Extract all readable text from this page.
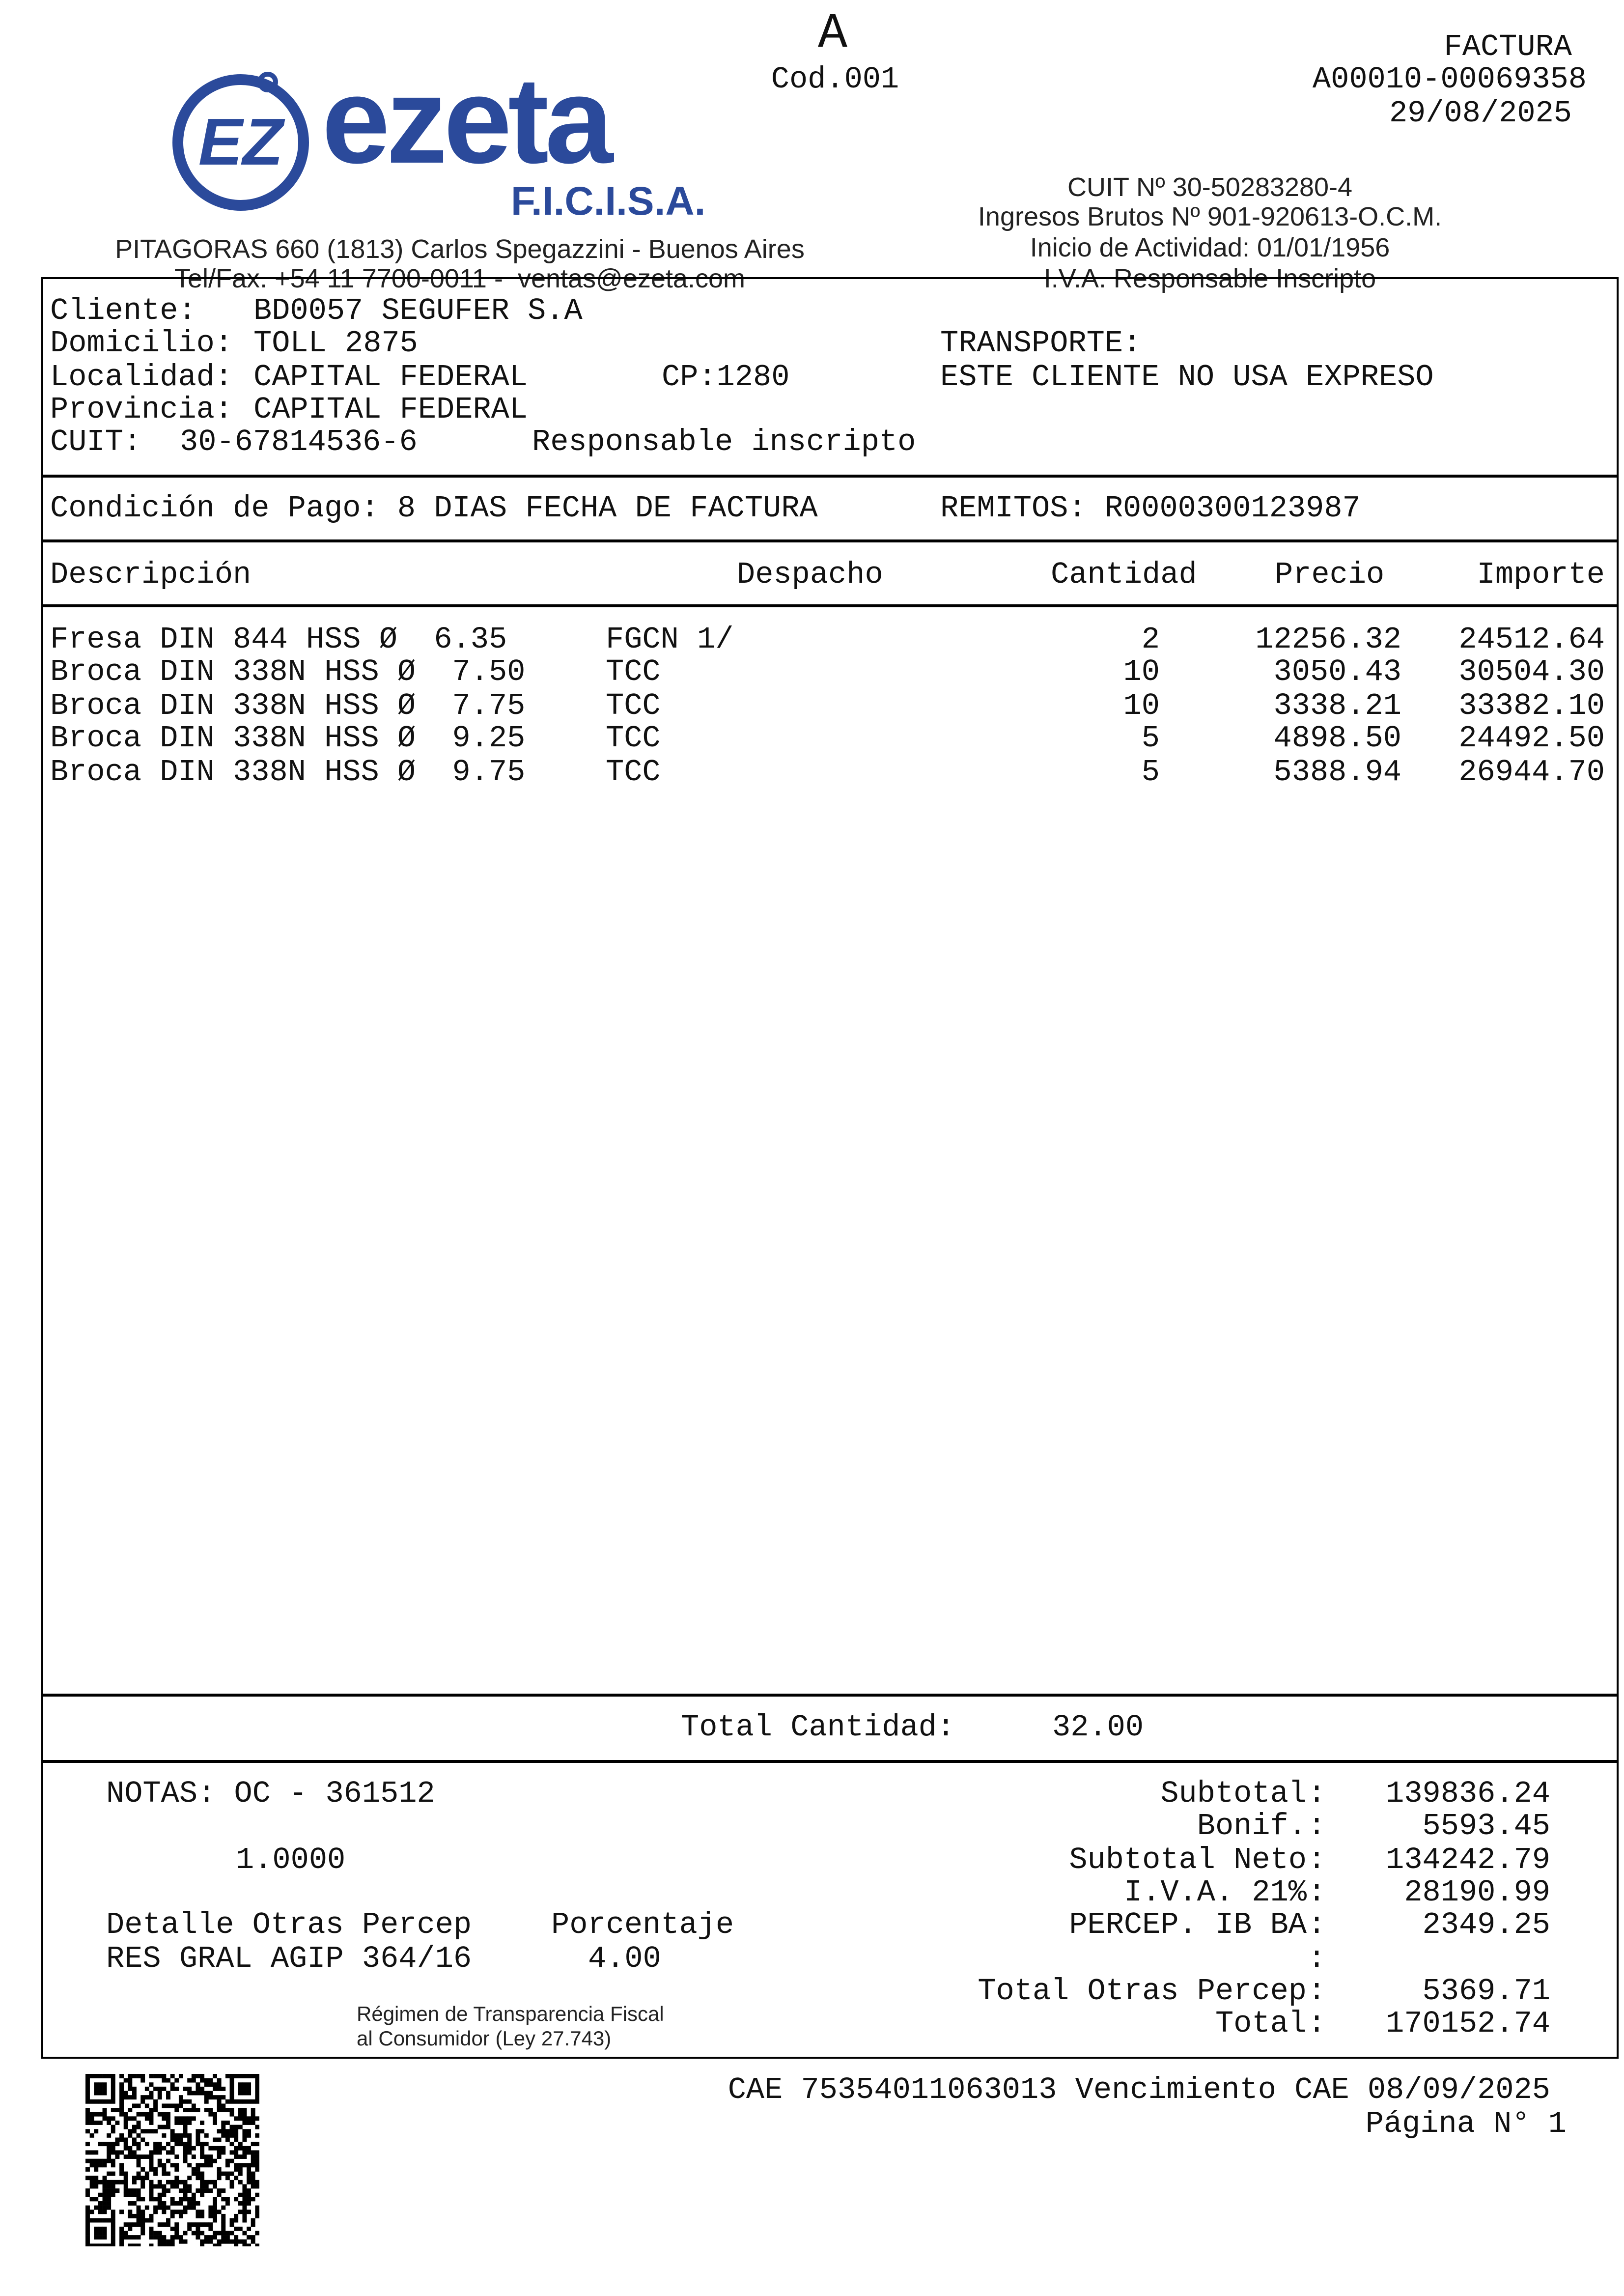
A
Cod.001
FACTURA
A00010-00069358
29/08/2025
EZ ezeta
F.I.C.I.S.A.
PITAGORAS 660 (1813) Carlos Spegazzini - Buenos Aires
Tel/Fax. +54 11 7700-0011 -  ventas@ezeta.com
CUIT Nº 30-50283280-4
Ingresos Brutos Nº 901-920613-O.C.M.
Inicio de Actividad: 01/01/1956
I.V.A. Responsable Inscripto
Cliente: BD0057 SEGUFER S.A
Domicilio: TOLL 2875	TRANSPORTE:
Localidad: CAPITAL FEDERAL	CP:1280	ESTE CLIENTE NO USA EXPRESO
Provincia: CAPITAL FEDERAL
CUIT: 30-67814536-6	Responsable inscripto
Condición de Pago: 8 DIAS FECHA DE FACTURA	REMITOS: R0000300123987
Descripción	Despacho	Cantidad	Precio	Importe
Fresa DIN 844 HSS Ø  6.35	FGCN 1/	2	12256.32	24512.64
Broca DIN 338N HSS Ø  7.50	TCC	10	3050.43	30504.30
Broca DIN 338N HSS Ø  7.75	TCC	10	3338.21	33382.10
Broca DIN 338N HSS Ø  9.25	TCC	5	4898.50	24492.50
Broca DIN 338N HSS Ø  9.75	TCC	5	5388.94	26944.70
Total Cantidad:	32.00
NOTAS: OC - 361512
1.0000
Detalle Otras Percep	Porcentaje
RES GRAL AGIP 364/16	4.00
Régimen de Transparencia Fiscal
al Consumidor (Ley 27.743)
Subtotal :	139836.24
Bonif. :	5593.45
Subtotal Neto :	134242.79
I.V.A. 21% :	28190.99
PERCEP. IB BA :	2349.25
:
Total Otras Percep :	5369.71
Total :	170152.74
CAE 75354011063013 Vencimiento CAE 08/09/2025
Página N° 1
